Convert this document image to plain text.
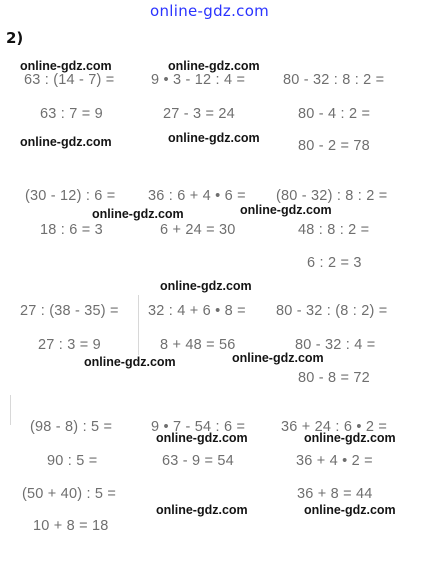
online-gdz.com
2)
63 : (14 - 7) =
63 : 7 = 9
9 • 3 - 12 : 4 =
27 - 3 = 24
80 - 32 : 8 : 2 =
80 - 4 : 2 =
80 - 2 = 78
(30 - 12) : 6 =
18 : 6 = 3
36 : 6 + 4 • 6 =
6 + 24 = 30
(80 - 32) : 8 : 2 =
48 : 8 : 2 =
6 : 2 = 3
27 : (38 - 35) =
27 : 3 = 9
32 : 4 + 6 • 8 =
8 + 48 = 56
80 - 32 : (8 : 2) =
80 - 32 : 4 =
80 - 8 = 72
(98 - 8) : 5 =
90 : 5 =
(50 + 40) : 5 =
10 + 8 = 18
9 • 7 - 54 : 6 =
63 - 9 = 54
36 + 24 : 6 • 2 =
36 + 4 • 2 =
36 + 8 = 44
online-gdz.com	online-gdz.com
online-gdz.com	online-gdz.com
online-gdz.com	online-gdz.com
online-gdz.com
online-gdz.com	online-gdz.com
online-gdz.com	online-gdz.com
online-gdz.com	online-gdz.com
